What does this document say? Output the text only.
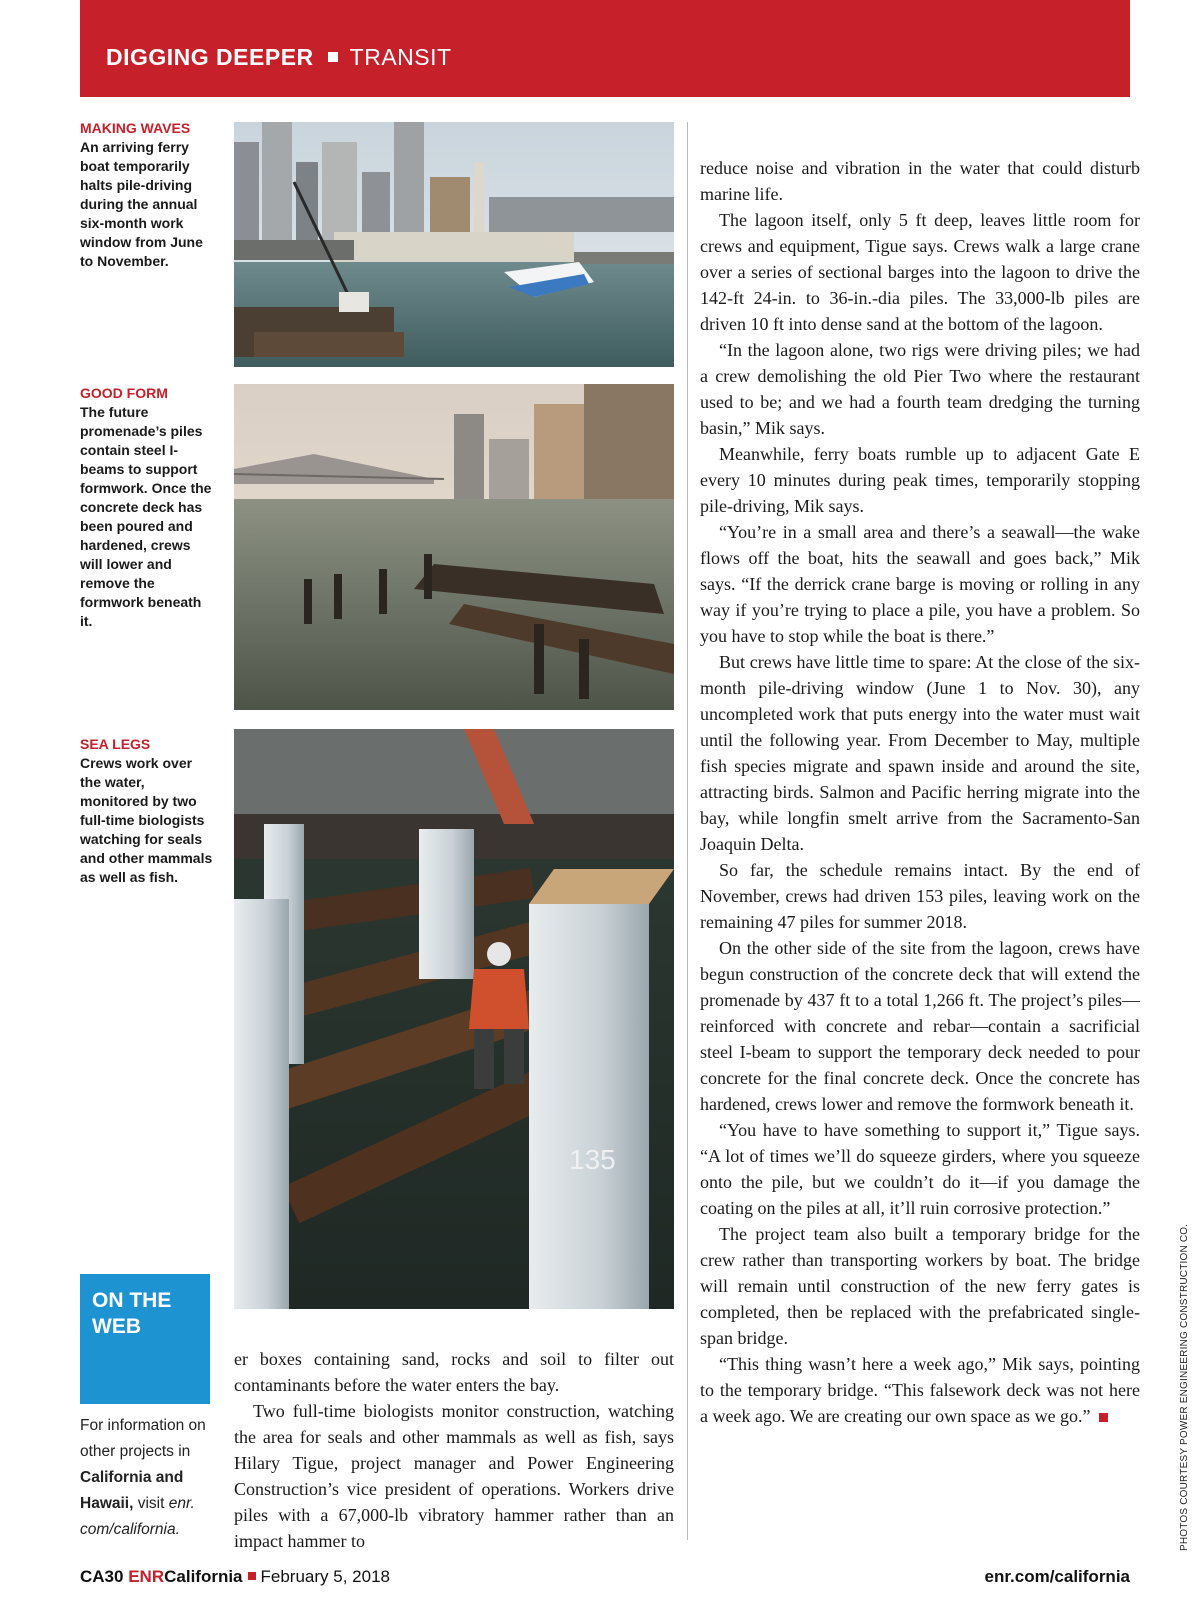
DIGGING DEEPER TRANSIT
MAKING WAVES
An arriving ferry boat temporarily halts pile-driving during the annual six-month work window from June to November.
GOOD FORM
The future promenade’s piles contain steel I-beams to support formwork. Once the concrete deck has been poured and hardened, crews will lower and remove the formwork beneath it.
SEA LEGS
Crews work over the water, monitored by two full-time biologists watching for seals and other mammals as well as fish.
135
ON THE
WEB
For information on other projects in California and Hawaii, visit enr. com/california.

er boxes containing sand, rocks and soil to filter out contaminants before the water enters the bay.

Two full-time biologists monitor construction, watching the area for seals and other mammals as well as fish, says Hilary Tigue, project manager and Power Engineering Construction’s vice president of operations. Workers drive piles with a 67,000-lb vibratory hammer rather than an impact hammer to

reduce noise and vibration in the water that could disturb marine life.

The lagoon itself, only 5 ft deep, leaves little room for crews and equipment, Tigue says. Crews walk a large crane over a series of sectional barges into the lagoon to drive the 142-ft 24-in. to 36-in.-dia piles. The 33,000-lb piles are driven 10 ft into dense sand at the bottom of the lagoon.

“In the lagoon alone, two rigs were driving piles; we had a crew demolishing the old Pier Two where the restaurant used to be; and we had a fourth team dredging the turning basin,” Mik says.

Meanwhile, ferry boats rumble up to adjacent Gate E every 10 minutes during peak times, temporarily stopping pile-driving, Mik says.

“You’re in a small area and there’s a seawall—the wake flows off the boat, hits the seawall and goes back,” Mik says. “If the derrick crane barge is moving or rolling in any way if you’re trying to place a pile, you have a problem. So you have to stop while the boat is there.”

But crews have little time to spare: At the close of the six-month pile-driving window (June 1 to Nov. 30), any uncompleted work that puts energy into the water must wait until the following year. From December to May, multiple fish species migrate and spawn inside and around the site, attracting birds. Salmon and Pacific herring migrate into the bay, while longfin smelt arrive from the Sacramento-San Joaquin Delta.

So far, the schedule remains intact. By the end of November, crews had driven 153 piles, leaving work on the remaining 47 piles for summer 2018.

On the other side of the site from the lagoon, crews have begun construction of the concrete deck that will extend the promenade by 437 ft to a total 1,266 ft. The project’s piles—reinforced with concrete and rebar—contain a sacrificial steel I-beam to support the temporary deck needed to pour concrete for the final concrete deck. Once the concrete has hardened, crews lower and remove the formwork beneath it.

“You have to have something to support it,” Tigue says. “A lot of times we’ll do squeeze girders, where you squeeze onto the pile, but we couldn’t do it—if you damage the coating on the piles at all, it’ll ruin corrosive protection.”

The project team also built a temporary bridge for the crew rather than transporting workers by boat. The bridge will remain until construction of the new ferry gates is completed, then be replaced with the prefabricated single-span bridge.

“This thing wasn’t here a week ago,” Mik says, pointing to the temporary bridge. “This falsework deck was not here a week ago. We are creating our own space as we go.”	PHOTOS COURTESY POWER ENGINEERING CONSTRUCTION CO.
CA30 ENRCalifornia February 5, 2018	enr.com/california
